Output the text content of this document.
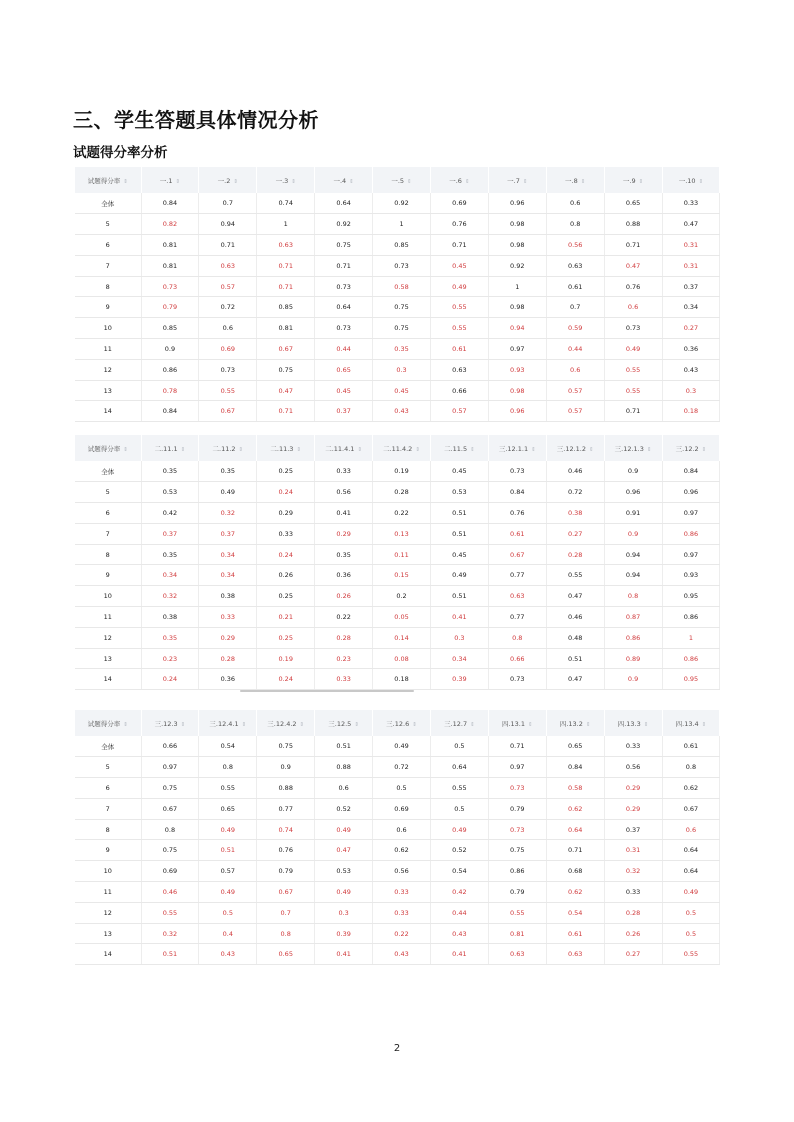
三、学生答题具体情况分析
试题得分率分析
试题得分率 ⇕	一.1 ⇕	一.2 ⇕	一.3 ⇕	一.4 ⇕	一.5 ⇕	一.6 ⇕	一.7 ⇕	一.8 ⇕	一.9 ⇕	一.10 ⇕
全体	0.84	0.7	0.74	0.64	0.92	0.69	0.96	0.6	0.65	0.33
5	0.82	0.94	1	0.92	1	0.76	0.98	0.8	0.88	0.47
6	0.81	0.71	0.63	0.75	0.85	0.71	0.98	0.56	0.71	0.31
7	0.81	0.63	0.71	0.71	0.73	0.45	0.92	0.63	0.47	0.31
8	0.73	0.57	0.71	0.73	0.58	0.49	1	0.61	0.76	0.37
9	0.79	0.72	0.85	0.64	0.75	0.55	0.98	0.7	0.6	0.34
10	0.85	0.6	0.81	0.73	0.75	0.55	0.94	0.59	0.73	0.27
11	0.9	0.69	0.67	0.44	0.35	0.61	0.97	0.44	0.49	0.36
12	0.86	0.73	0.75	0.65	0.3	0.63	0.93	0.6	0.55	0.43
13	0.78	0.55	0.47	0.45	0.45	0.66	0.98	0.57	0.55	0.3
14	0.84	0.67	0.71	0.37	0.43	0.57	0.96	0.57	0.71	0.18
试题得分率 ⇕	二.11.1 ⇕	二.11.2 ⇕	二.11.3 ⇕	二.11.4.1 ⇕	二.11.4.2 ⇕	二.11.5 ⇕	三.12.1.1 ⇕	三.12.1.2 ⇕	三.12.1.3 ⇕	三.12.2 ⇕
全体	0.35	0.35	0.25	0.33	0.19	0.45	0.73	0.46	0.9	0.84
5	0.53	0.49	0.24	0.56	0.28	0.53	0.84	0.72	0.96	0.96
6	0.42	0.32	0.29	0.41	0.22	0.51	0.76	0.38	0.91	0.97
7	0.37	0.37	0.33	0.29	0.13	0.51	0.61	0.27	0.9	0.86
8	0.35	0.34	0.24	0.35	0.11	0.45	0.67	0.28	0.94	0.97
9	0.34	0.34	0.26	0.36	0.15	0.49	0.77	0.55	0.94	0.93
10	0.32	0.38	0.25	0.26	0.2	0.51	0.63	0.47	0.8	0.95
11	0.38	0.33	0.21	0.22	0.05	0.41	0.77	0.46	0.87	0.86
12	0.35	0.29	0.25	0.28	0.14	0.3	0.8	0.48	0.86	1
13	0.23	0.28	0.19	0.23	0.08	0.34	0.66	0.51	0.89	0.86
14	0.24	0.36	0.24	0.33	0.18	0.39	0.73	0.47	0.9	0.95
试题得分率 ⇕	三.12.3 ⇕	三.12.4.1 ⇕	三.12.4.2 ⇕	三.12.5 ⇕	三.12.6 ⇕	三.12.7 ⇕	四.13.1 ⇕	四.13.2 ⇕	四.13.3 ⇕	四.13.4 ⇕
全体	0.66	0.54	0.75	0.51	0.49	0.5	0.71	0.65	0.33	0.61
5	0.97	0.8	0.9	0.88	0.72	0.64	0.97	0.84	0.56	0.8
6	0.75	0.55	0.88	0.6	0.5	0.55	0.73	0.58	0.29	0.62
7	0.67	0.65	0.77	0.52	0.69	0.5	0.79	0.62	0.29	0.67
8	0.8	0.49	0.74	0.49	0.6	0.49	0.73	0.64	0.37	0.6
9	0.75	0.51	0.76	0.47	0.62	0.52	0.75	0.71	0.31	0.64
10	0.69	0.57	0.79	0.53	0.56	0.54	0.86	0.68	0.32	0.64
11	0.46	0.49	0.67	0.49	0.33	0.42	0.79	0.62	0.33	0.49
12	0.55	0.5	0.7	0.3	0.33	0.44	0.55	0.54	0.28	0.5
13	0.32	0.4	0.8	0.39	0.22	0.43	0.81	0.61	0.26	0.5
14	0.51	0.43	0.65	0.41	0.43	0.41	0.63	0.63	0.27	0.55
2
